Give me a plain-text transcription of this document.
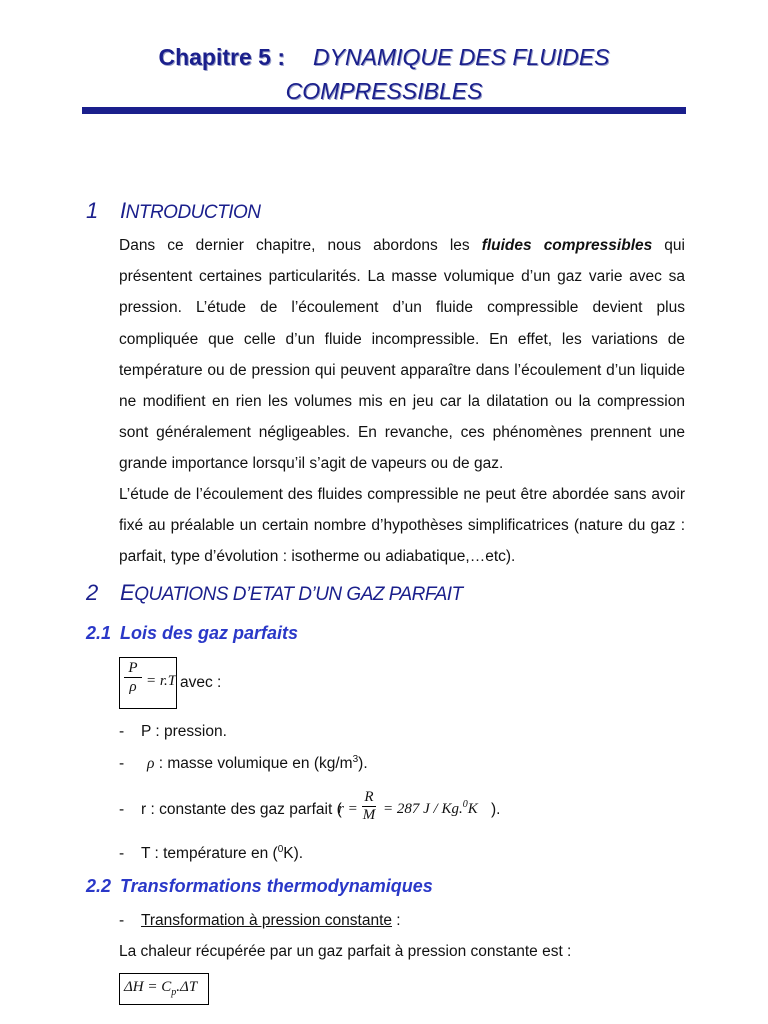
Chapitre 5 : DYNAMIQUE DES FLUIDES
COMPRESSIBLES
1 INTRODUCTION

Dans ce dernier chapitre, nous abordons les fluides compressibles qui présentent certaines particularités. La masse volumique d’un gaz varie avec sa pression. L’étude de l’écoulement d’un fluide compressible devient plus compliquée que celle d’un fluide incompressible. En effet, les variations de température ou de pression qui peuvent apparaître dans l’écoulement d’un liquide ne modifient en rien les volumes mis en jeu car la dilatation ou la compression sont généralement négligeables. En revanche, ces phénomènes prennent une grande importance lorsqu’il s’agit de vapeurs ou de gaz.

L’étude de l’écoulement des fluides compressible ne peut être abordée sans avoir fixé au préalable un certain nombre d’hypothèses simplificatrices (nature du gaz : parfait, type d’évolution : isotherme ou adiabatique,…etc).

2 EQUATIONS D’ETAT D’UN GAZ PARFAIT
2.1 Lois des gaz parfaits
P
ρ = r.T avec :
- P : pression.
- ρ : masse volumique en $(kg/m^3)$.
- r : constante des gaz parfait (
r =
R
M = 287 J / Kg.$^0$K ).
- T : température en ($^0$K).
2.2 Transformations thermodynamiques
- Transformation à pression constante :
La chaleur récupérée par un gaz parfait à pression constante est :
$\Delta H = C_p.\Delta T$
